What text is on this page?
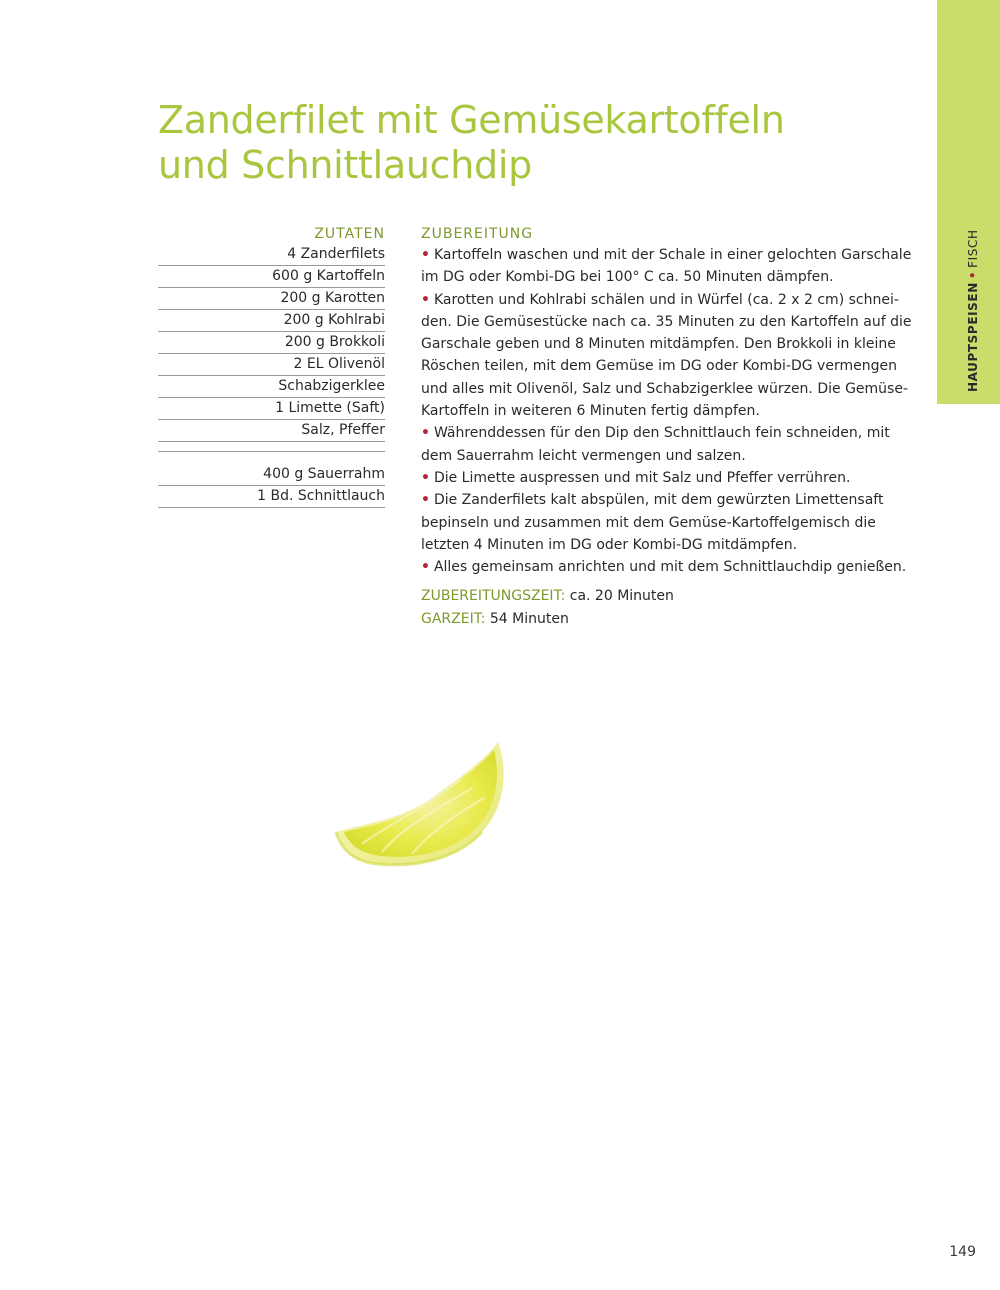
HAUPTSPEISEN•FISCH
Zanderfilet mit Gemüsekartoffeln
und Schnittlauchdip
ZUTATEN
4 Zanderfilets
600 g Kartoffeln
200 g Karotten
200 g Kohlrabi
200 g Brokkoli
2 EL Olivenöl
Schabzigerklee
1 Limette (Saft)
Salz, Pfeffer
400 g Sauerrahm
1 Bd. Schnittlauch
ZUBEREITUNG
• Kartoffeln waschen und mit der Schale in einer gelochten Garschale
im DG oder Kombi-DG bei 100° C ca. 50 Minuten dämpfen.
• Karotten und Kohlrabi schälen und in Würfel (ca. 2 x 2 cm) schnei-
den. Die Gemüsestücke nach ca. 35 Minuten zu den Kartoffeln auf die
Garschale geben und 8 Minuten mitdämpfen. Den Brokkoli in kleine
Röschen teilen, mit dem Gemüse im DG oder Kombi-DG vermengen
und alles mit Olivenöl, Salz und Schabzigerklee würzen. Die Gemüse-
Kartoffeln in weiteren 6 Minuten fertig dämpfen.
• Währenddessen für den Dip den Schnittlauch fein schneiden, mit
dem Sauerrahm leicht vermengen und salzen.
• Die Limette auspressen und mit Salz und Pfeffer verrühren.
• Die Zanderfilets kalt abspülen, mit dem gewürzten Limettensaft
bepinseln und zusammen mit dem Gemüse-Kartoffelgemisch die
letzten 4 Minuten im DG oder Kombi-DG mitdämpfen.
• Alles gemeinsam anrichten und mit dem Schnittlauchdip genießen.
ZUBEREITUNGSZEIT: ca. 20 Minuten
GARZEIT: 54 Minuten
149
